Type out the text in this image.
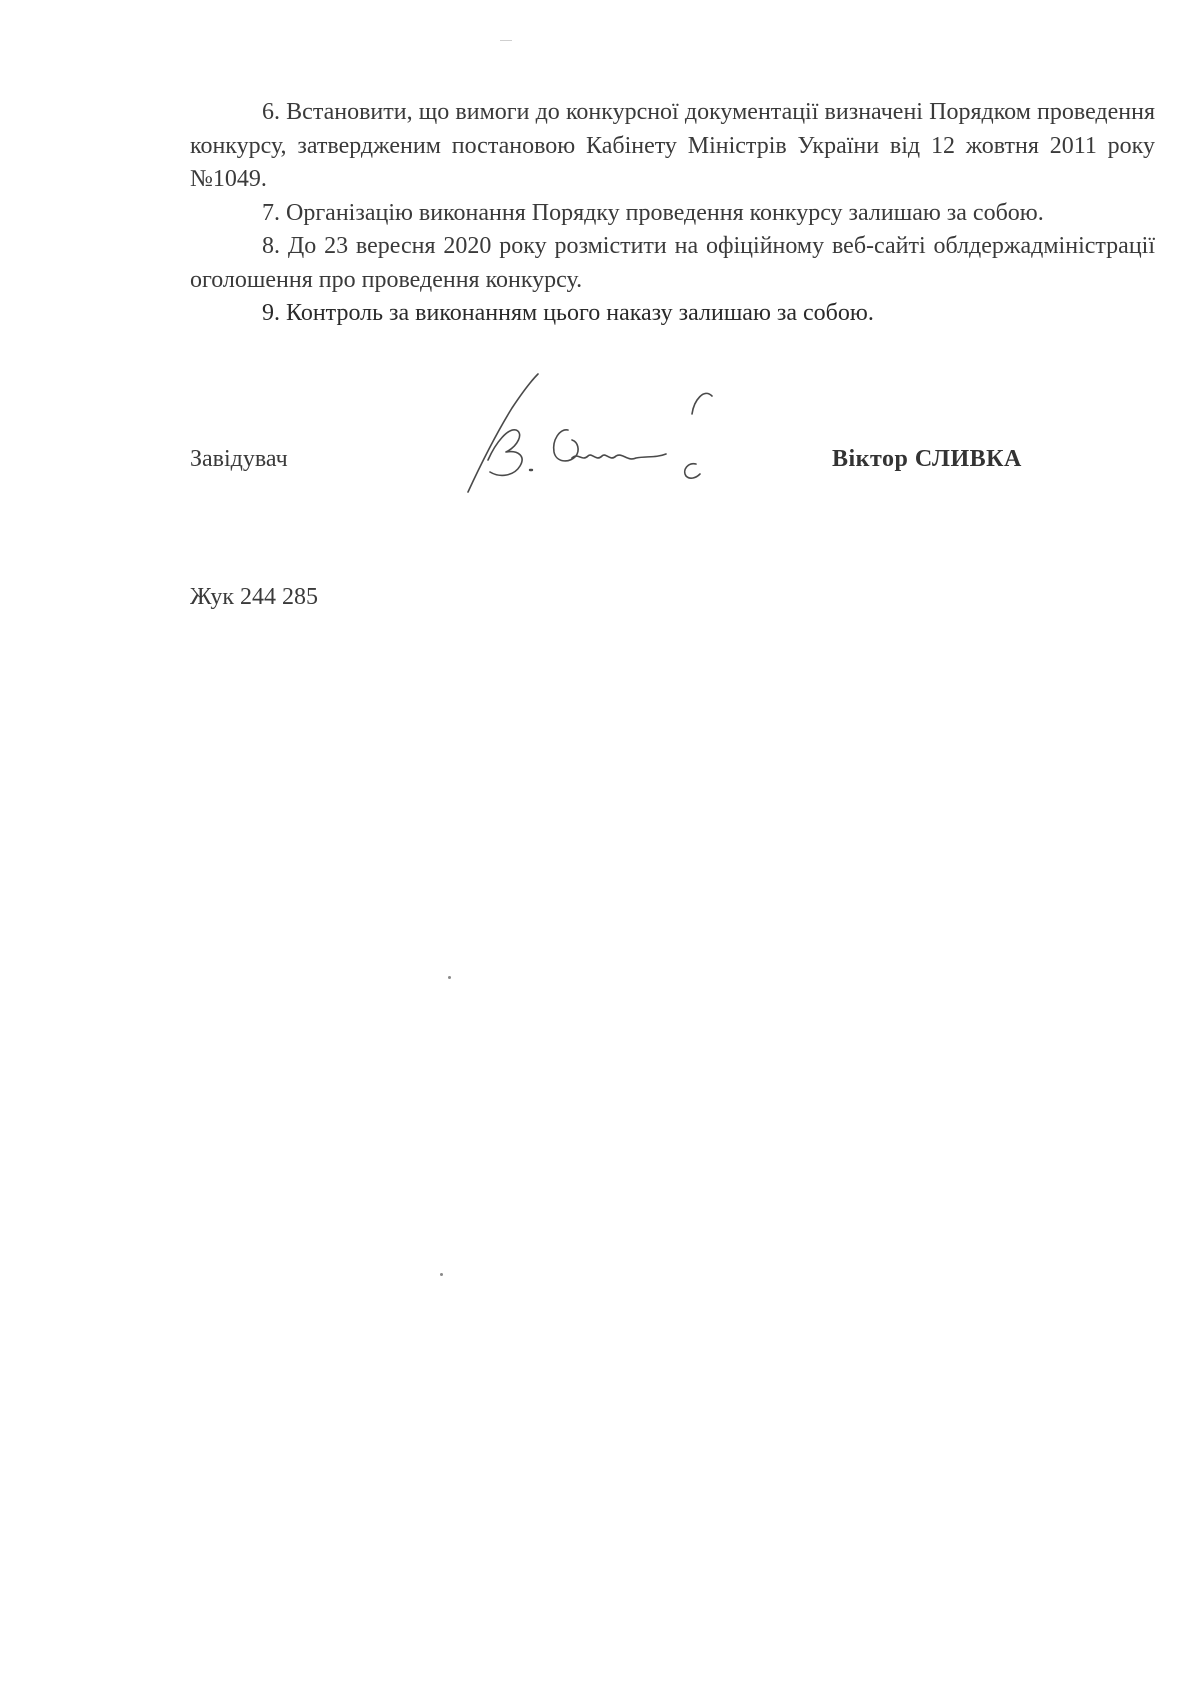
6. Встановити, що вимоги до конкурсної документації визначені Порядком проведення конкурсу, затвердженим постановою Кабінету Міністрів України від 12 жовтня 2011 року №1049.

7. Організацію виконання Порядку проведення конкурсу залишаю за собою.

8. До 23 вересня 2020 року розмістити на офіційному веб-сайті облдержадміністрації оголошення про проведення конкурсу.

9. Контроль за виконанням цього наказу залишаю за собою.

Завідувач	Віктор СЛИВКА
Жук 244 285
